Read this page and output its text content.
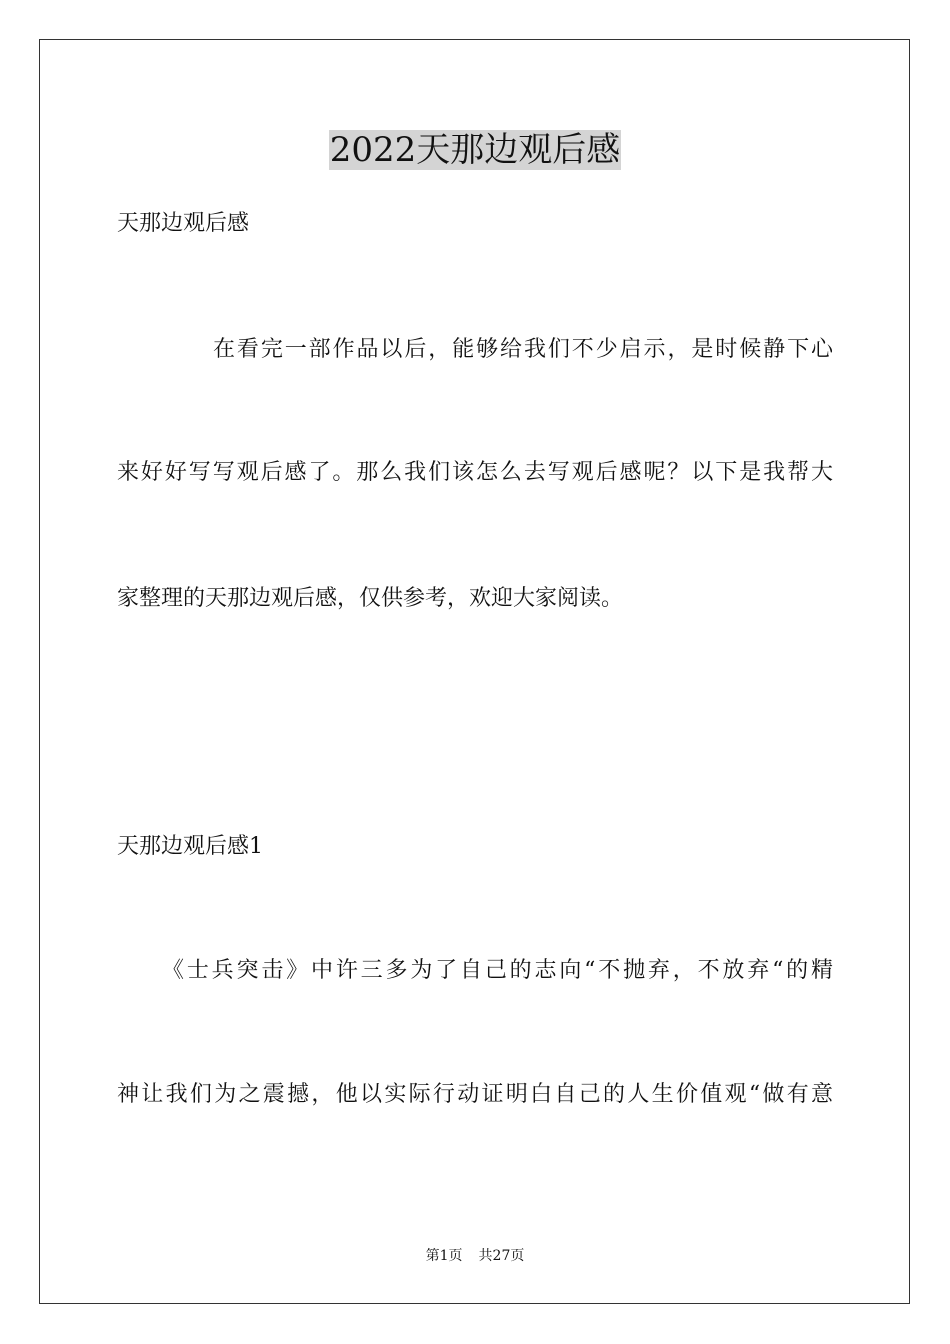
2022天那边观后感
天那边观后感
在看完一部作品以后，能够给我们不少启示，是时候静下心
来好好写写观后感了。那么我们该怎么去写观后感呢？以下是我帮大
家整理的天那边观后感，仅供参考，欢迎大家阅读。
天那边观后感1
《士兵突击》中许三多为了自己的志向“不抛弃，不放弃“的精
神让我们为之震撼，他以实际行动证明白自己的人生价值观“做有意
第1页 共27页
